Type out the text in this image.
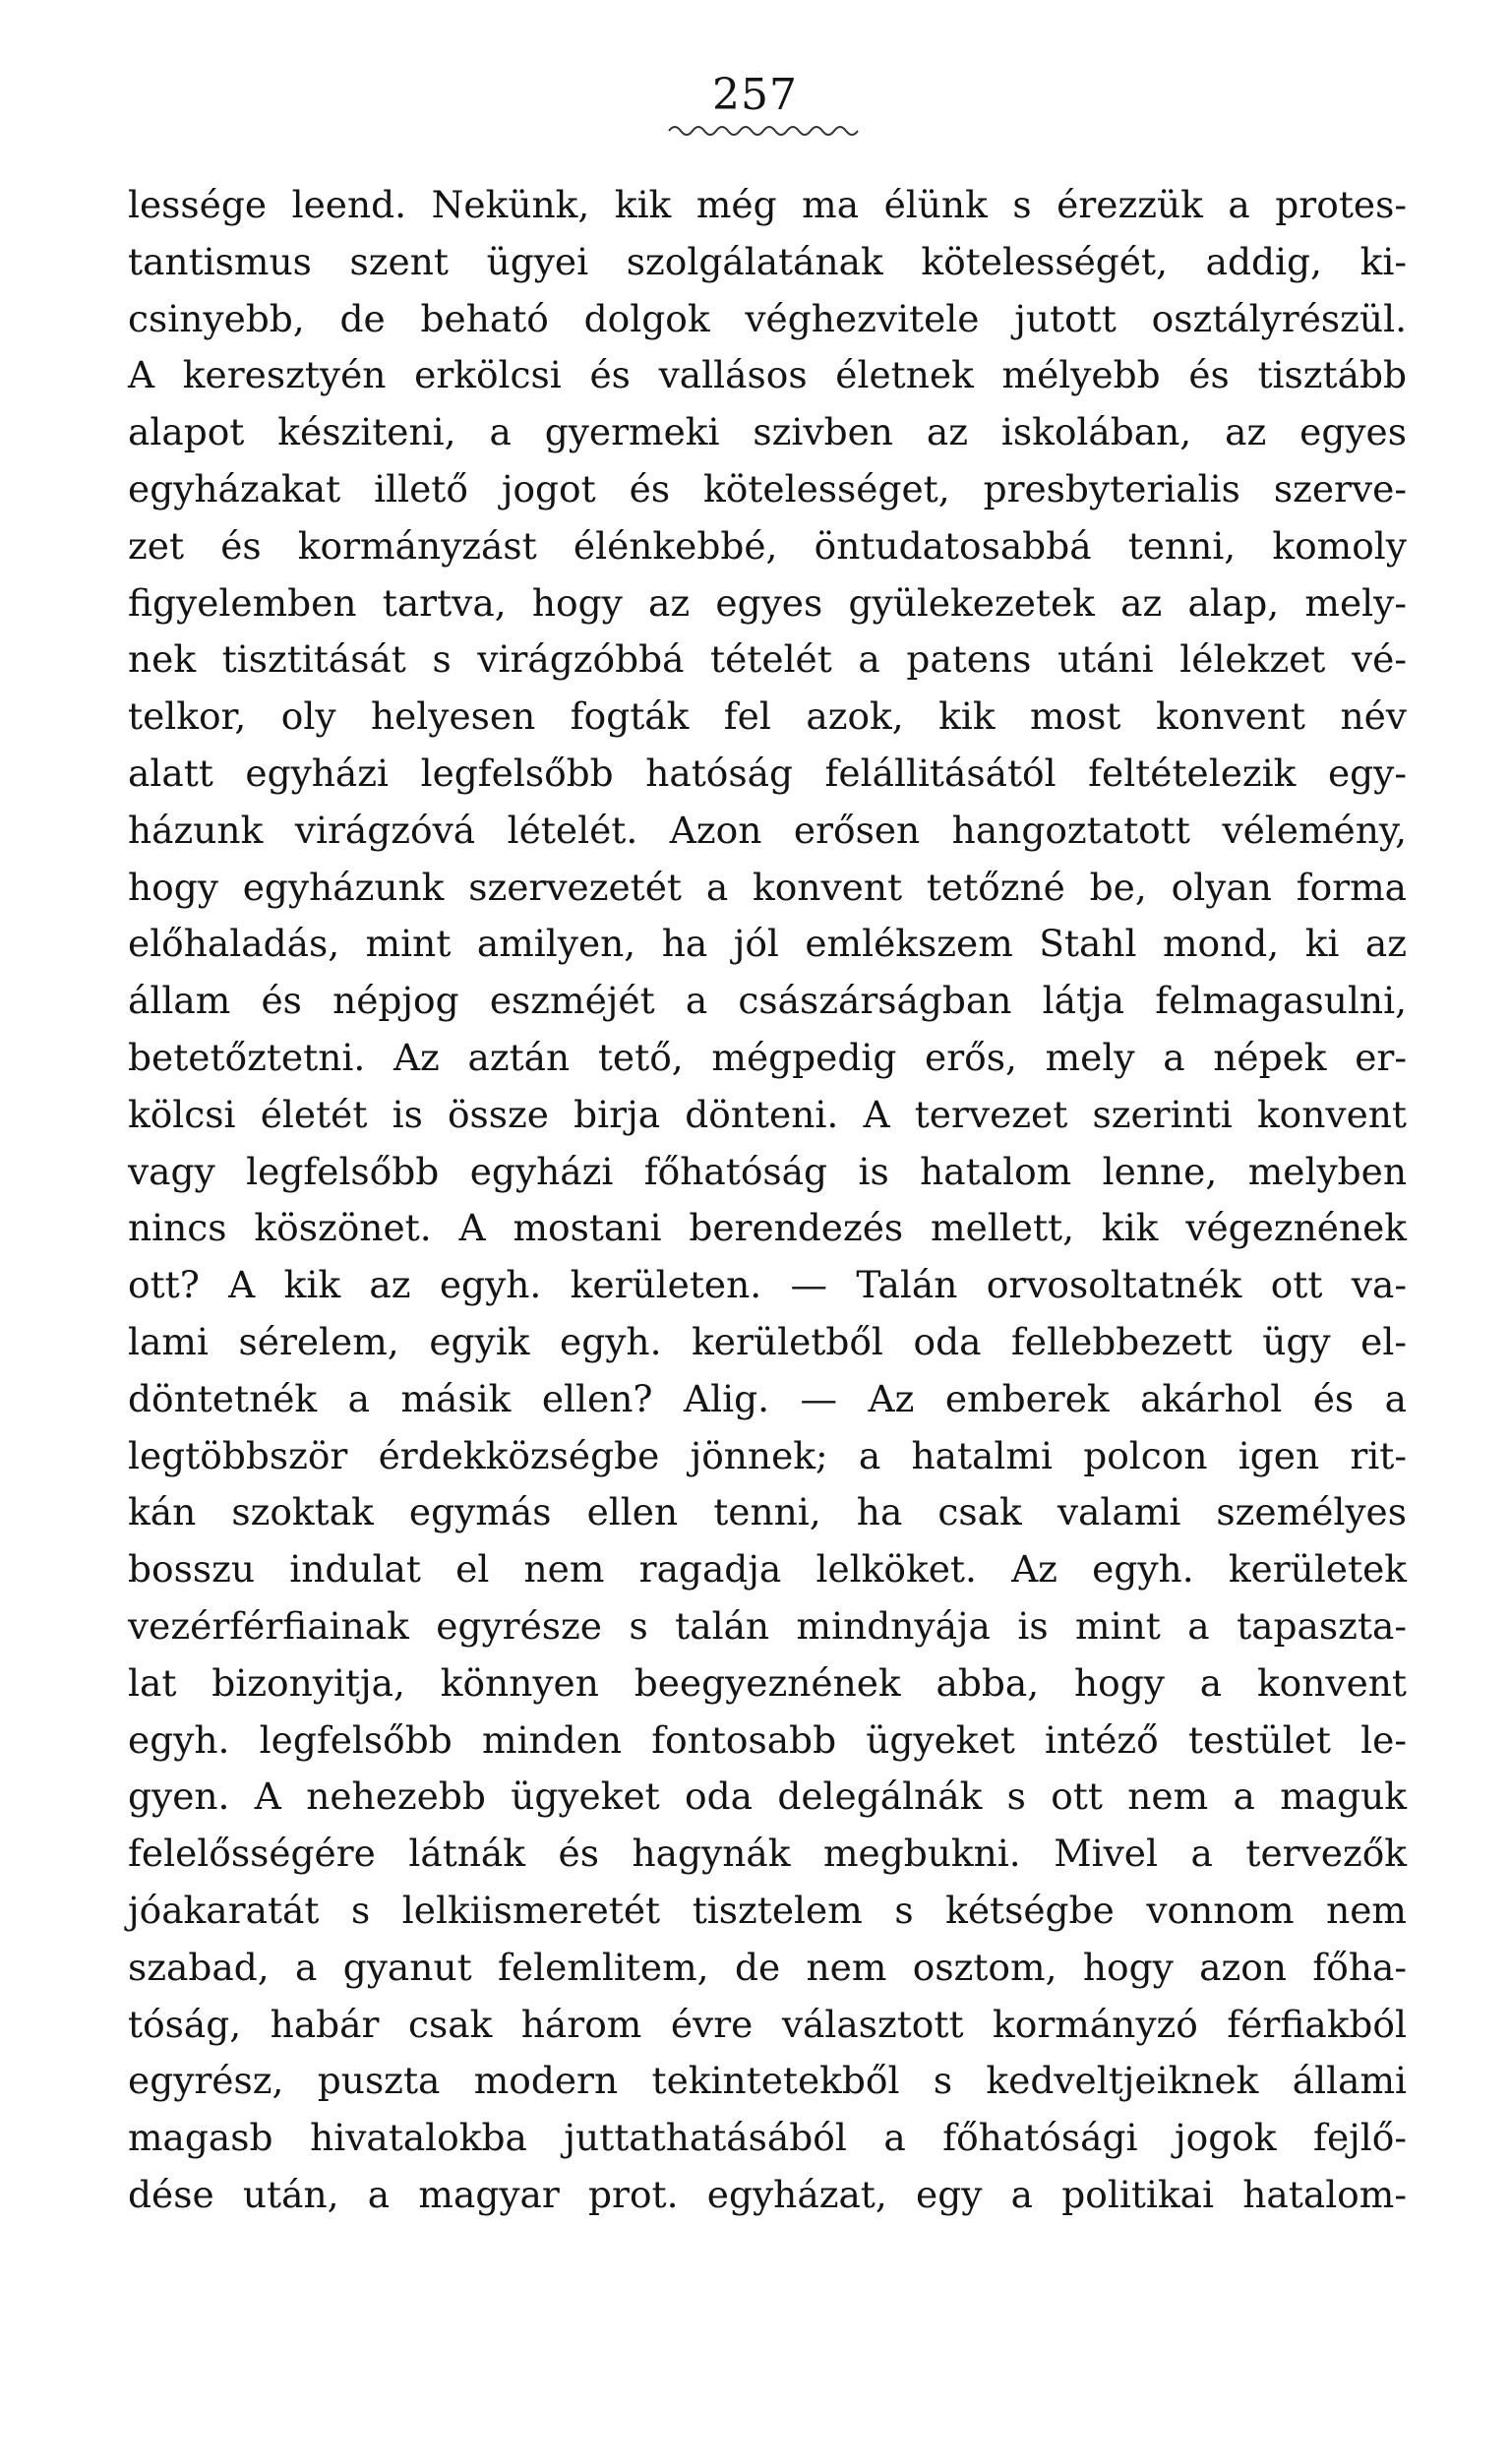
257
lessége leend. Nekünk, kik még ma élünk s érezzük a protes-
tantismus szent ügyei szolgálatának kötelességét, addig, ki-
csinyebb, de beható dolgok véghezvitele jutott osztályrészül.
A keresztyén erkölcsi és vallásos életnek mélyebb és tisztább
alapot késziteni, a gyermeki szivben az iskolában, az egyes
egyházakat illető jogot és kötelességet, presbyterialis szerve-
zet és kormányzást élénkebbé, öntudatosabbá tenni, komoly
figyelemben tartva, hogy az egyes gyülekezetek az alap, mely-
nek tisztitását s virágzóbbá tételét a patens utáni lélekzet vé-
telkor, oly helyesen fogták fel azok, kik most konvent név
alatt egyházi legfelsőbb hatóság felállitásától feltételezik egy-
házunk virágzóvá lételét. Azon erősen hangoztatott vélemény,
hogy egyházunk szervezetét a konvent tetőzné be, olyan forma
előhaladás, mint amilyen, ha jól emlékszem Stahl mond, ki az
állam és népjog eszméjét a császárságban látja felmagasulni,
betetőztetni. Az aztán tető, mégpedig erős, mely a népek er-
kölcsi életét is össze birja dönteni. A tervezet szerinti konvent
vagy legfelsőbb egyházi főhatóság is hatalom lenne, melyben
nincs köszönet. A mostani berendezés mellett, kik végeznének
ott? A kik az egyh. kerületen. — Talán orvosoltatnék ott va-
lami sérelem, egyik egyh. kerületből oda fellebbezett ügy el-
döntetnék a másik ellen? Alig. — Az emberek akárhol és a
legtöbbször érdekközségbe jönnek; a hatalmi polcon igen rit-
kán szoktak egymás ellen tenni, ha csak valami személyes
bosszu indulat el nem ragadja lelköket. Az egyh. kerületek
vezérférfiainak egyrésze s talán mindnyája is mint a tapaszta-
lat bizonyitja, könnyen beegyeznének abba, hogy a konvent
egyh. legfelsőbb minden fontosabb ügyeket intéző testület le-
gyen. A nehezebb ügyeket oda delegálnák s ott nem a maguk
felelősségére látnák és hagynák megbukni. Mivel a tervezők
jóakaratát s lelkiismeretét tisztelem s kétségbe vonnom nem
szabad, a gyanut felemlitem, de nem osztom, hogy azon főha-
tóság, habár csak három évre választott kormányzó férfiakból
egyrész, puszta modern tekintetekből s kedveltjeiknek állami
magasb hivatalokba juttathatásából a főhatósági jogok fejlő-
dése után, a magyar prot. egyházat, egy a politikai hatalom-
